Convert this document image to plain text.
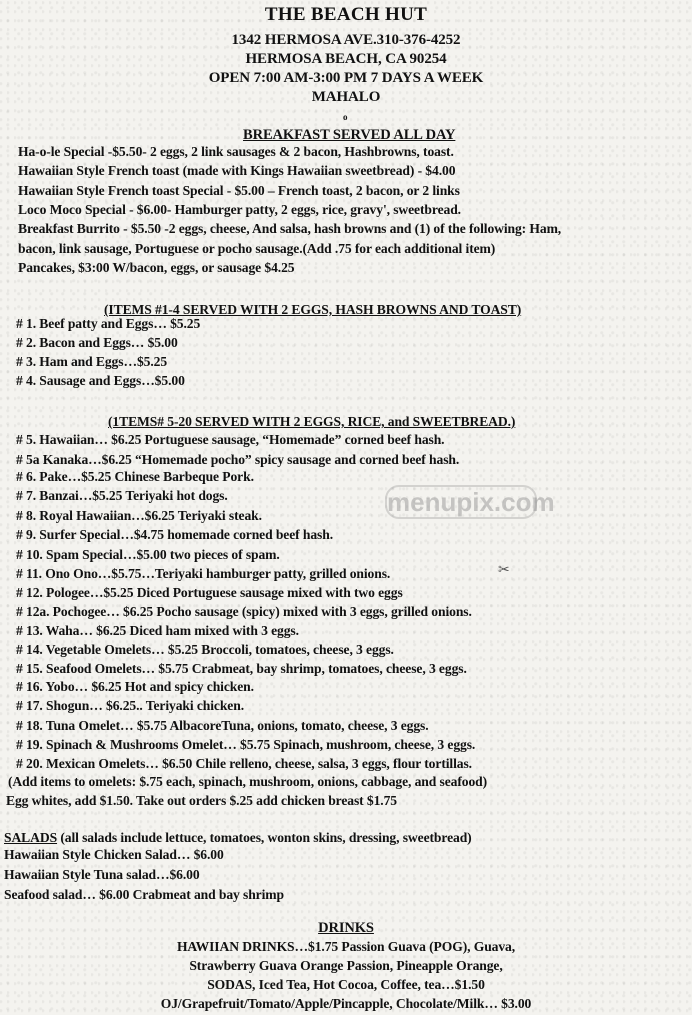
THE BEACH HUT
1342 HERMOSA AVE.310-376-4252
HERMOSA BEACH, CA 90254
OPEN 7:00 AM-3:00 PM 7 DAYS A WEEK
MAHALO
o
BREAKFAST SERVED ALL DAY
Ha-o-le Special -$5.50- 2 eggs, 2 link sausages & 2 bacon, Hashbrowns, toast.
Hawaiian Style French toast (made with Kings Hawaiian sweetbread) - $4.00
Hawaiian Style French toast Special - $5.00 – French toast, 2 bacon, or 2 links
Loco Moco Special - $6.00- Hamburger patty, 2 eggs, rice, gravy', sweetbread.
Breakfast Burrito - $5.50 -2 eggs, cheese, And salsa, hash browns and (1) of the following: Ham,
bacon, link sausage, Portuguese or pocho sausage.(Add .75 for each additional item)
Pancakes, $3:00 W/bacon, eggs, or sausage $4.25
(ITEMS #1-4 SERVED WITH 2 EGGS, HASH BROWNS AND TOAST)
# 1. Beef patty and Eggs… $5.25
# 2. Bacon and Eggs… $5.00
# 3. Ham and Eggs…$5.25
# 4. Sausage and Eggs…$5.00
(1TEMS# 5-20 SERVED WITH 2 EGGS, RICE, and SWEETBREAD.)
# 5. Hawaiian… $6.25 Portuguese sausage, “Homemade” corned beef hash.
# 5a Kanaka…$6.25 “Homemade pocho” spicy sausage and corned beef hash.
# 6. Pake…$5.25 Chinese Barbeque Pork.
# 7. Banzai…$5.25 Teriyaki hot dogs.
# 8. Royal Hawaiian…$6.25 Teriyaki steak.
# 9. Surfer Special…$4.75 homemade corned beef hash.
# 10. Spam Special…$5.00 two pieces of spam.
# 11. Ono Ono…$5.75…Teriyaki hamburger patty, grilled onions.
# 12. Pologee…$5.25 Diced Portuguese sausage mixed with two eggs
# 12a. Pochogee… $6.25 Pocho sausage (spicy) mixed with 3 eggs, grilled onions.
# 13. Waha… $6.25 Diced ham mixed with 3 eggs.
# 14. Vegetable Omelets… $5.25 Broccoli, tomatoes, cheese, 3 eggs.
# 15. Seafood Omelets… $5.75 Crabmeat, bay shrimp, tomatoes, cheese, 3 eggs.
# 16. Yobo… $6.25 Hot and spicy chicken.
# 17. Shogun… $6.25.. Teriyaki chicken.
# 18. Tuna Omelet… $5.75 AlbacoreTuna, onions, tomato, cheese, 3 eggs.
# 19. Spinach & Mushrooms Omelet… $5.75 Spinach, mushroom, cheese, 3 eggs.
# 20. Mexican Omelets… $6.50 Chile relleno, cheese, salsa, 3 eggs, flour tortillas.
(Add items to omelets: $.75 each, spinach, mushroom, onions, cabbage, and seafood)
Egg whites, add $1.50. Take out orders $.25 add chicken breast $1.75
SALADS (all salads include lettuce, tomatoes, wonton skins, dressing, sweetbread)
Hawaiian Style Chicken Salad… $6.00
Hawaiian Style Tuna salad…$6.00
Seafood salad… $6.00 Crabmeat and bay shrimp
DRINKS
HAWIIAN DRINKS…$1.75 Passion Guava (POG), Guava,
Strawberry Guava Orange Passion, Pineapple Orange,
SODAS, Iced Tea, Hot Cocoa, Coffee, tea…$1.50
OJ/Grapefruit/Tomato/Apple/Pincapple, Chocolate/Milk… $3.00
menupix.com
✂
